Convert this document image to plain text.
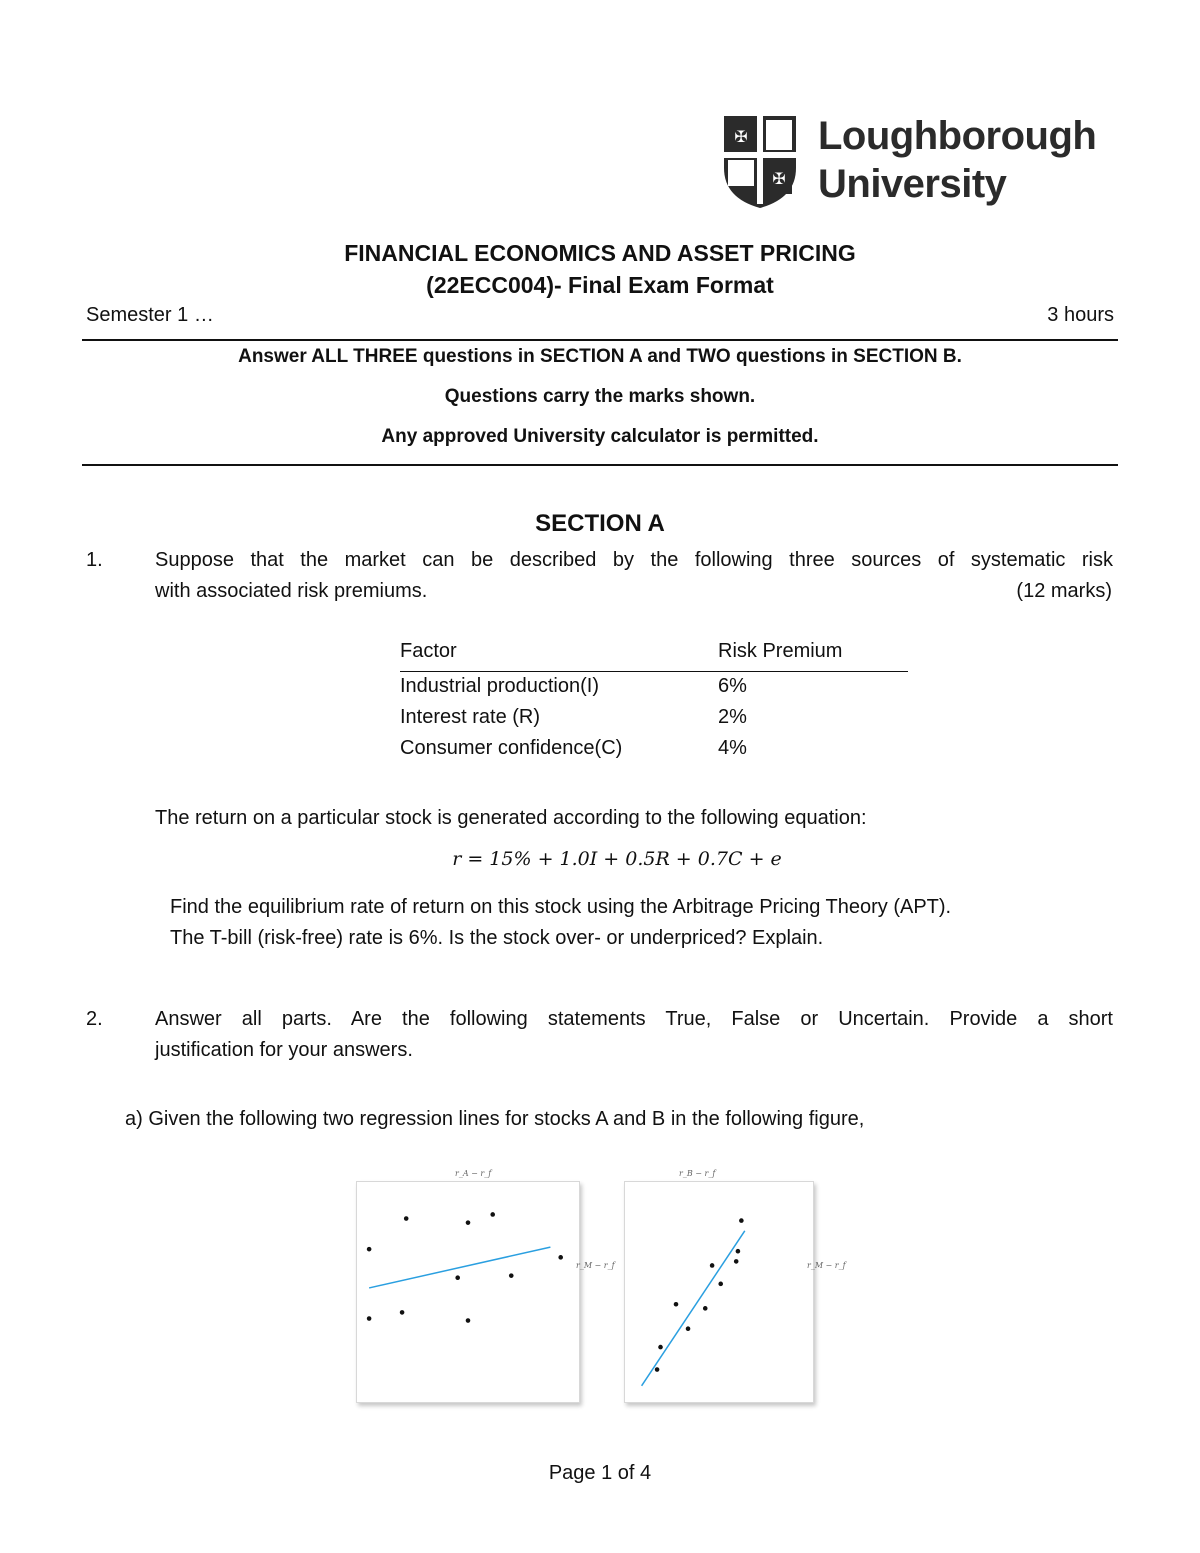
✠
✠
Loughborough
University
FINANCIAL ECONOMICS AND ASSET PRICING
(22ECC004)- Final Exam Format
Semester 1 …	3 hours
Answer ALL THREE questions in SECTION A and TWO questions in SECTION B.
Questions carry the marks shown.
Any approved University calculator is permitted.
SECTION A
1.	Suppose that the market can be described by the following three sources of systematic risk
with associated risk premiums.	(12 marks)
Factor	Risk Premium
Industrial production(I)	6%
Interest rate (R)	2%
Consumer confidence(C)	4%
The return on a particular stock is generated according to the following equation:
r = 15% + 1.0I + 0.5R + 0.7C + e
Find the equilibrium rate of return on this stock using the Arbitrage Pricing Theory (APT).
The T-bill (risk-free) rate is 6%. Is the stock over- or underpriced? Explain.
2.	Answer all parts. Are the following statements True, False or Uncertain. Provide a short
justification for your answers.
a) Given the following two regression lines for stocks A and B in the following figure,
r_A − r_f
r_M − r_f
r_B − r_f
r_M − r_f
Page 1 of 4
